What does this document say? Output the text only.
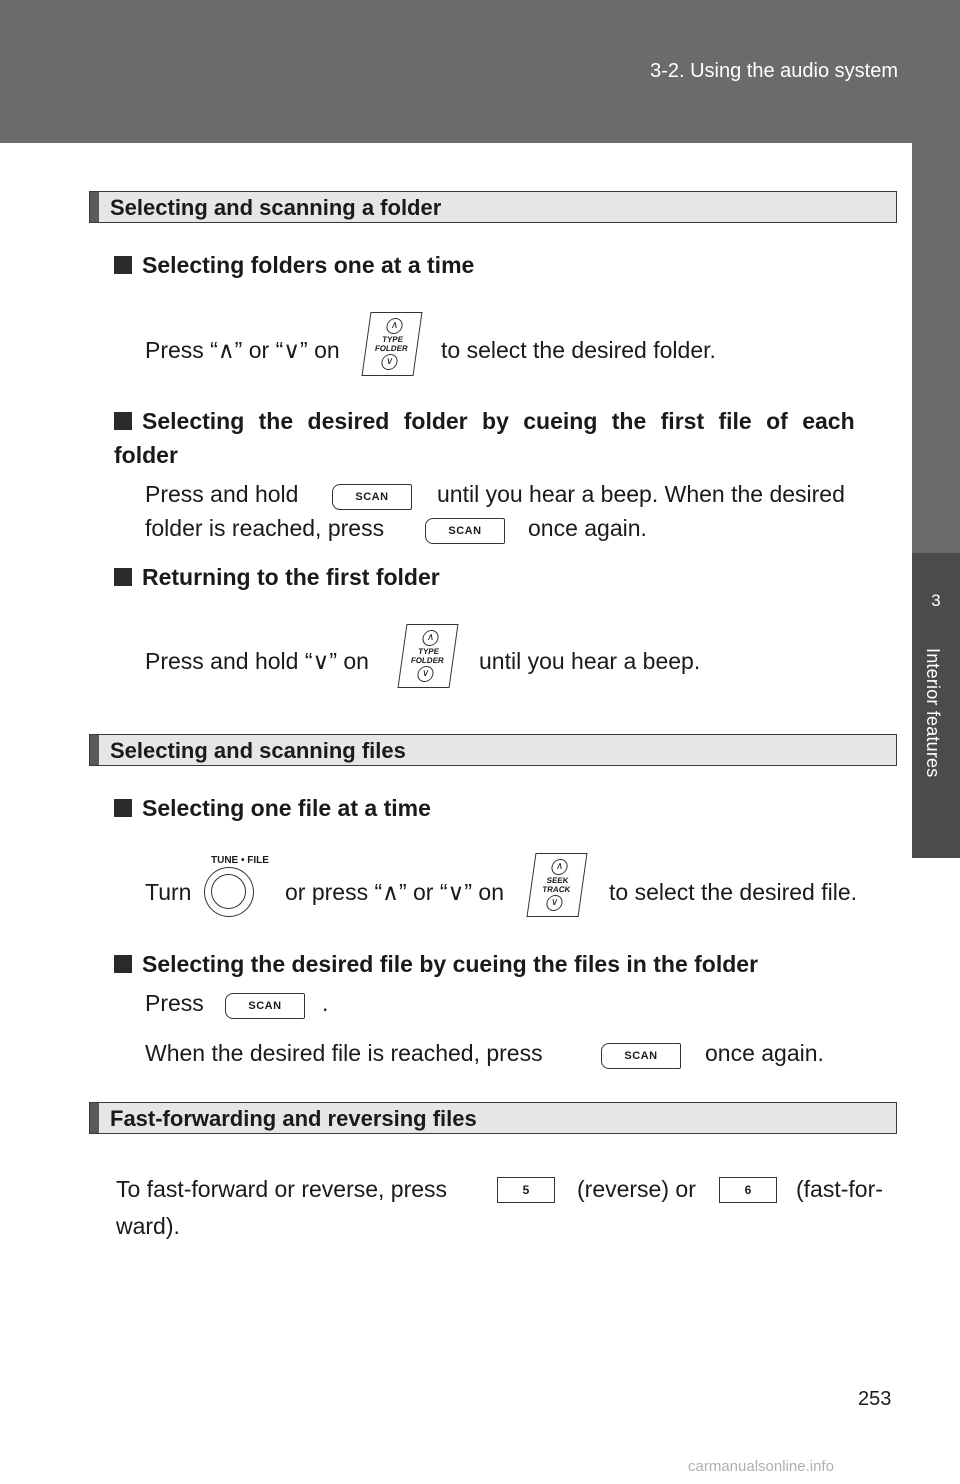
3-2. Using the audio system
3
Interior features
Selecting and scanning a folder
Selecting folders one at a time
Press “∧” or “∨” on
∧
TYPE
FOLDER
∨ to select the desired folder.
Selecting the desired folder by cueing the first file of each folder
Press and hold	SCAN	until you hear a beep. When the desired
folder is reached, press	SCAN	once again.
Returning to the first folder
Press and hold “∨” on
∧
TYPE
FOLDER
∨ until you hear a beep.
Selecting and scanning files
Selecting one file at a time
TUNE • FILE
Turn	or press “∧” or “∨” on
∧
SEEK
TRACK
∨ to select the desired file.
Selecting the desired file by cueing the files in the folder
Press	SCAN	.
When the desired file is reached, press	SCAN	once again.
Fast-forwarding and reversing files
To fast-forward or reverse, press	5	(reverse) or	6	(fast-for-
ward).
253
carmanualsonline.info
